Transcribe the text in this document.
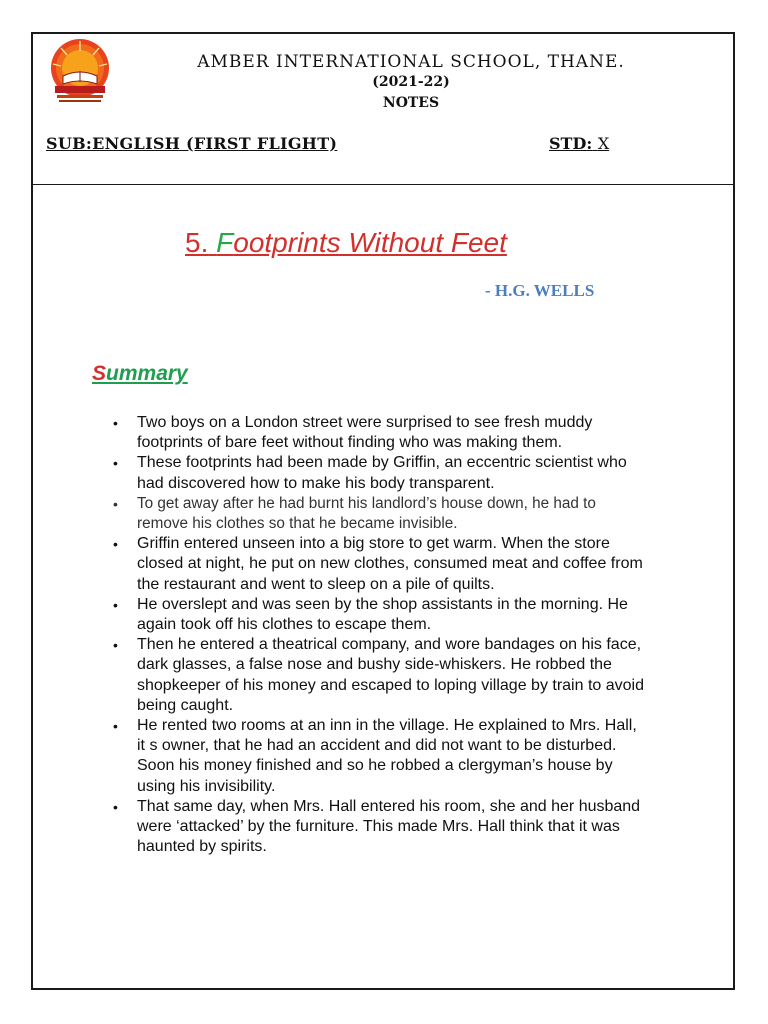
AMBER INTERNATIONAL SCHOOL, THANE.
(2021-22)
NOTES
SUB:ENGLISH (FIRST FLIGHT)	STD: X
5. Footprints Without Feet
- H.G. WELLS
Summary
• Two boys on a London street were surprised to see fresh muddy footprints of bare feet without finding who was making them.
• These footprints had been made by Griffin, an eccentric scientist who had discovered how to make his body transparent.
• To get away after he had burnt his landlord’s house down, he had to remove his clothes so that he became invisible.
• Griffin entered unseen into a big store to get warm. When the store closed at night, he put on new clothes, consumed meat and coffee from the restaurant and went to sleep on a pile of quilts.
• He overslept and was seen by the shop assistants in the morning. He again took off his clothes to escape them.
• Then he entered a theatrical company, and wore bandages on his face, dark glasses, a false nose and bushy side-whiskers. He robbed the shopkeeper of his money and escaped to loping village by train to avoid being caught.
• He rented two rooms at an inn in the village. He explained to Mrs. Hall, it s owner, that he had an accident and did not want to be disturbed. Soon his money finished and so he robbed a clergyman’s house by using his invisibility.
• That same day, when Mrs. Hall entered his room, she and her husband were ‘attacked’ by the furniture. This made Mrs. Hall think that it was haunted by spirits.
